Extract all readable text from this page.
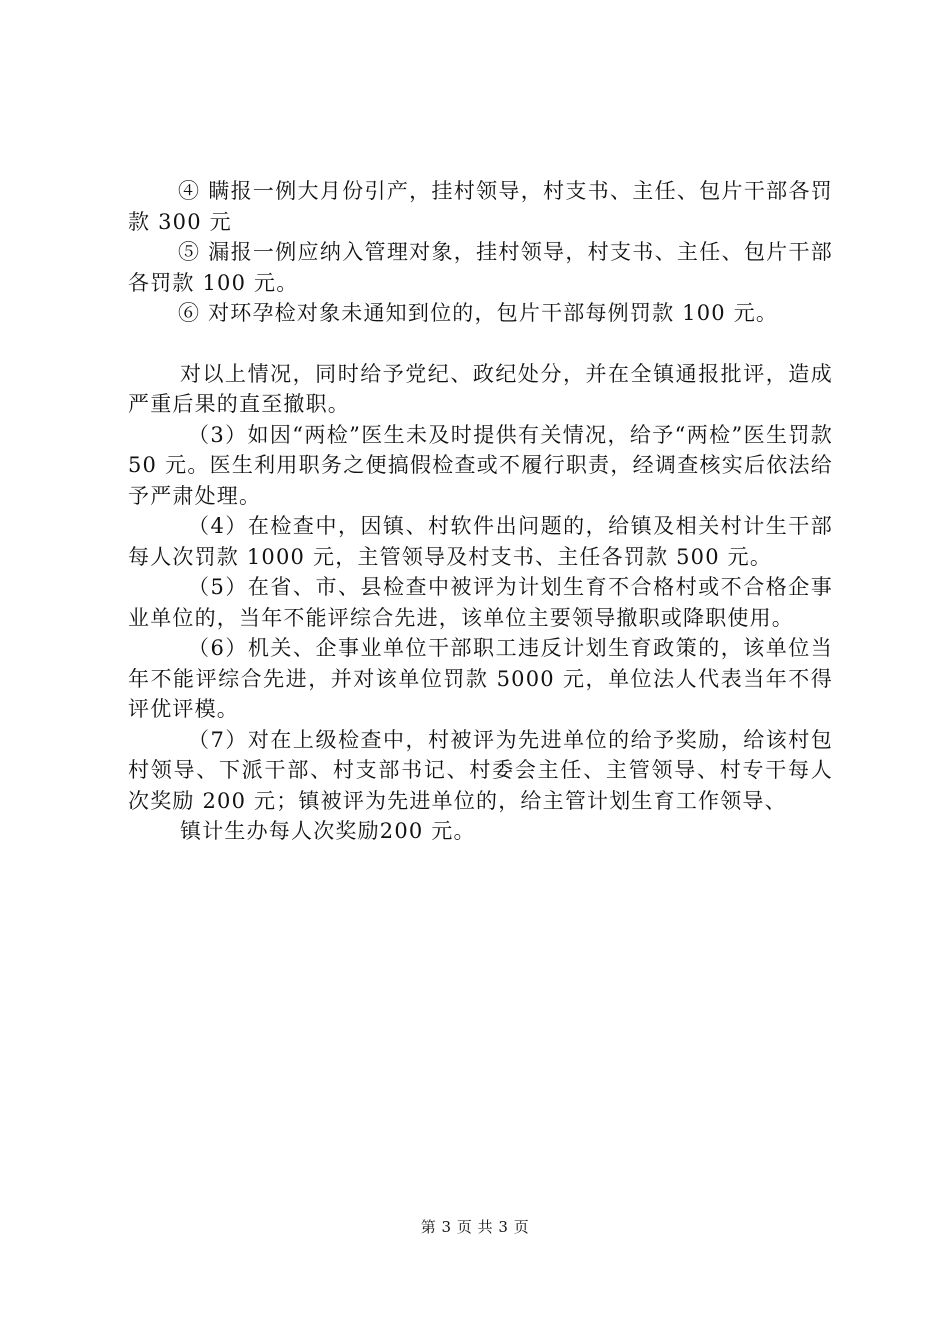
④ 瞒报一例大月份引产，挂村领导，村支书、主任、包片干部各罚款 300 元

⑤ 漏报一例应纳入管理对象，挂村领导，村支书、主任、包片干部各罚款 100 元。

⑥ 对环孕检对象未通知到位的，包片干部每例罚款 100 元。

对以上情况，同时给予党纪、政纪处分，并在全镇通报批评，造成严重后果的直至撤职。

（3）如因“两检”医生未及时提供有关情况，给予“两检”医生罚款 50 元。医生利用职务之便搞假检查或不履行职责，经调查核实后依法给予严肃处理。

（4）在检查中，因镇、村软件出问题的，给镇及相关村计生干部每人次罚款 1000 元，主管领导及村支书、主任各罚款 500 元。

（5）在省、市、县检查中被评为计划生育不合格村或不合格企事业单位的，当年不能评综合先进，该单位主要领导撤职或降职使用。

（6）机关、企事业单位干部职工违反计划生育政策的，该单位当年不能评综合先进，并对该单位罚款 5000 元，单位法人代表当年不得评优评模。

（7）对在上级检查中，村被评为先进单位的给予奖励，给该村包村领导、下派干部、村支部书记、村委会主任、主管领导、村专干每人次奖励 200 元；镇被评为先进单位的，给主管计划生育工作领导、

镇计生办每人次奖励200 元。

第 3 页 共 3 页
